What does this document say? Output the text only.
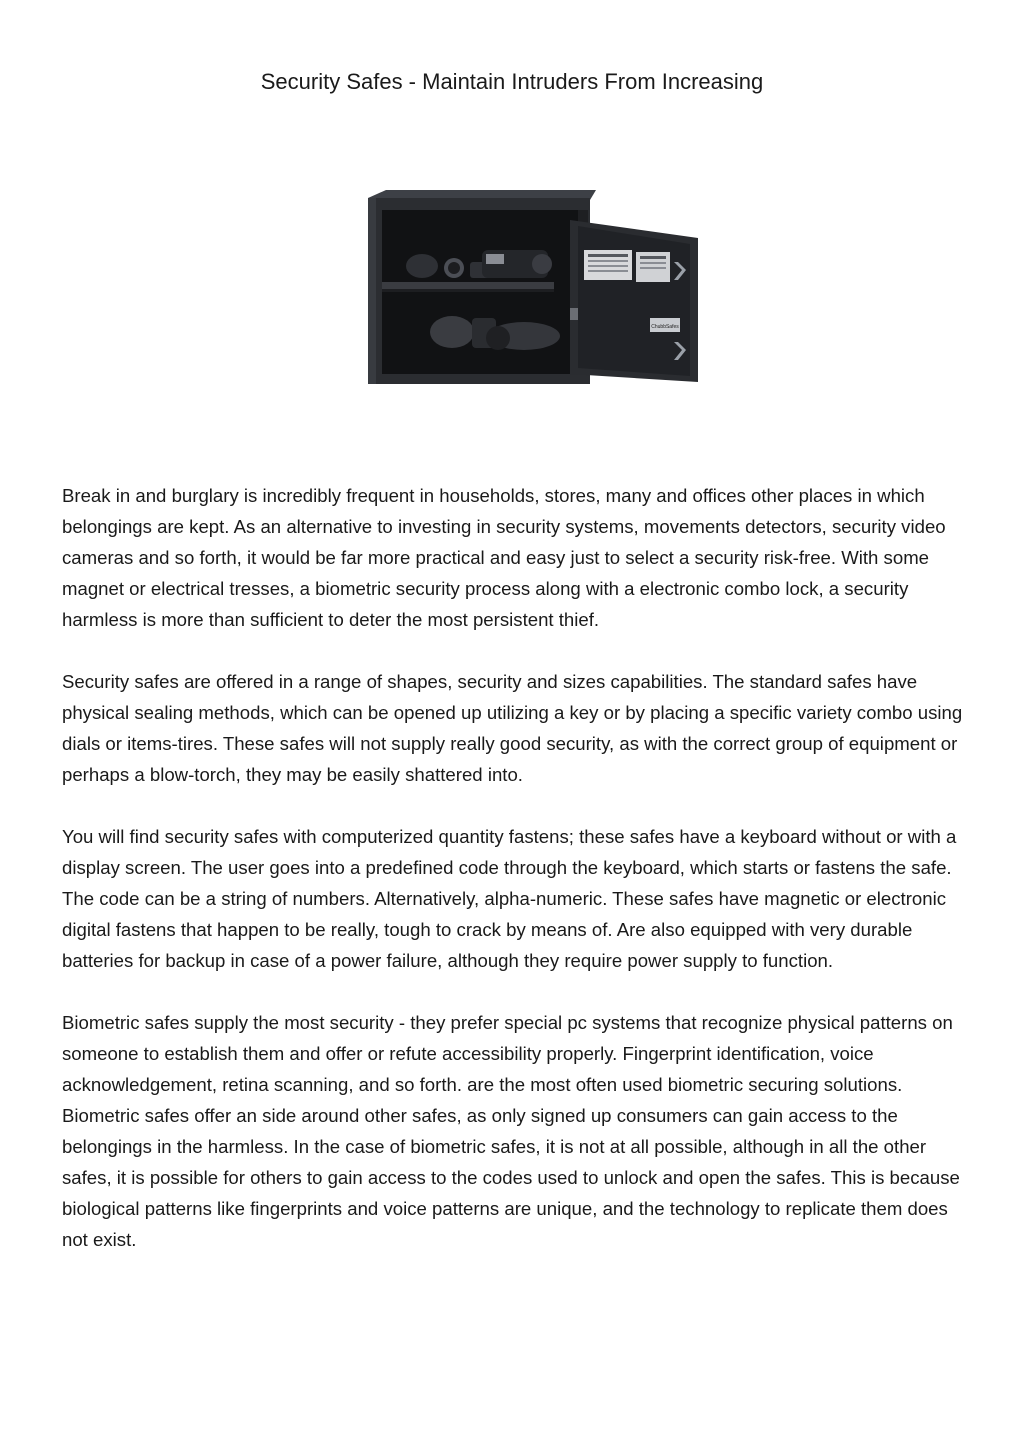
Security Safes - Maintain Intruders From Increasing
ChubbSafes

Break in and burglary is incredibly frequent in households, stores, many and offices other places in which belongings are kept. As an alternative to investing in security systems, movements detectors, security video cameras and so forth, it would be far more practical and easy just to select a security risk-free. With some magnet or electrical tresses, a biometric security process along with a electronic combo lock, a security harmless is more than sufficient to deter the most persistent thief.

Security safes are offered in a range of shapes, security and sizes capabilities. The standard safes have physical sealing methods, which can be opened up utilizing a key or by placing a specific variety combo using dials or items-tires. These safes will not supply really good security, as with the correct group of equipment or perhaps a blow-torch, they may be easily shattered into.

You will find security safes with computerized quantity fastens; these safes have a keyboard without or with a display screen. The user goes into a predefined code through the keyboard, which starts or fastens the safe. The code can be a string of numbers. Alternatively, alpha-numeric. These safes have magnetic or electronic digital fastens that happen to be really, tough to crack by means of. Are also equipped with very durable batteries for backup in case of a power failure, although they require power supply to function.

Biometric safes supply the most security - they prefer special pc systems that recognize physical patterns on someone to establish them and offer or refute accessibility properly. Fingerprint identification, voice acknowledgement, retina scanning, and so forth. are the most often used biometric securing solutions. Biometric safes offer an side around other safes, as only signed up consumers can gain access to the belongings in the harmless. In the case of biometric safes, it is not at all possible, although in all the other safes, it is possible for others to gain access to the codes used to unlock and open the safes. This is because biological patterns like fingerprints and voice patterns are unique, and the technology to replicate them does not exist.
